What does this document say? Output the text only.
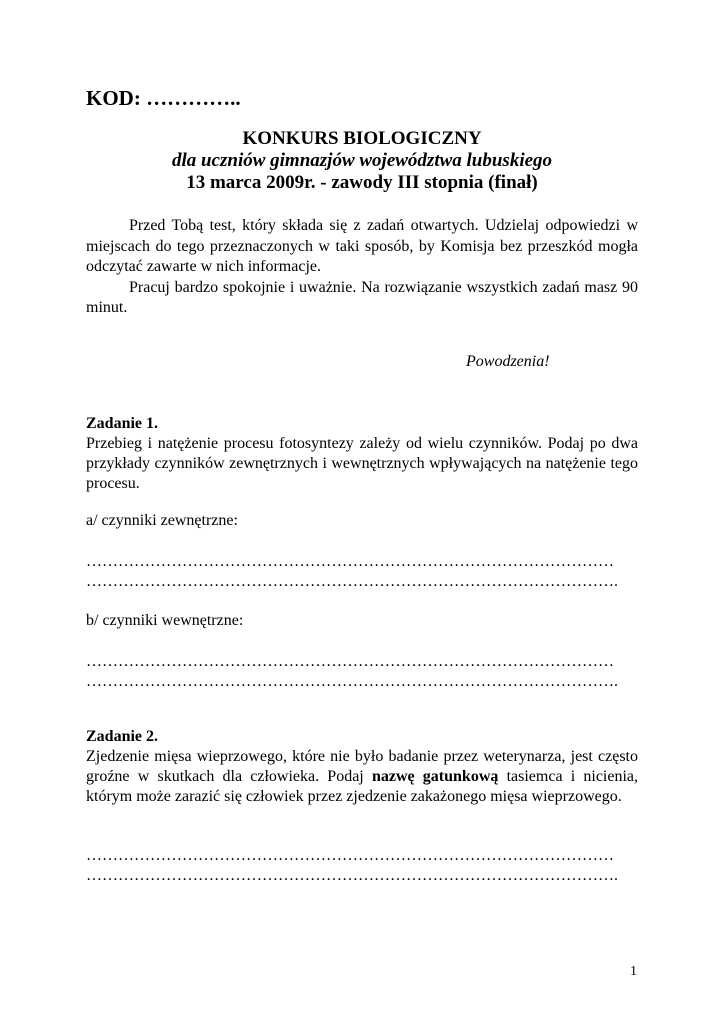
KOD: …………..
KONKURS BIOLOGICZNY
dla uczniów gimnazjów województwa lubuskiego
13 marca 2009r. - zawody III stopnia (finał)

Przed Tobą test, który składa się z zadań otwartych. Udzielaj odpowiedzi w miejscach do tego przeznaczonych w taki sposób, by Komisja bez przeszkód mogła odczytać zawarte w nich informacje.

Pracuj bardzo spokojnie i uważnie. Na rozwiązanie wszystkich zadań masz 90 minut.

Powodzenia!
Zadanie 1.
Przebieg i natężenie procesu fotosyntezy zależy od wielu czynników. Podaj po dwa przykłady czynników zewnętrznych i wewnętrznych wpływających na natężenie tego procesu.
a/ czynniki zewnętrzne:
………………………………………………………………………………………
……………………………………………………………………………………….
b/ czynniki wewnętrzne:
………………………………………………………………………………………
……………………………………………………………………………………….
Zadanie 2.
Zjedzenie mięsa wieprzowego, które nie było badanie przez weterynarza, jest często groźne w skutkach dla człowieka. Podaj nazwę gatunkową tasiemca i nicienia, którym może zarazić się człowiek przez zjedzenie zakażonego mięsa wieprzowego.
………………………………………………………………………………………
……………………………………………………………………………………….
1
